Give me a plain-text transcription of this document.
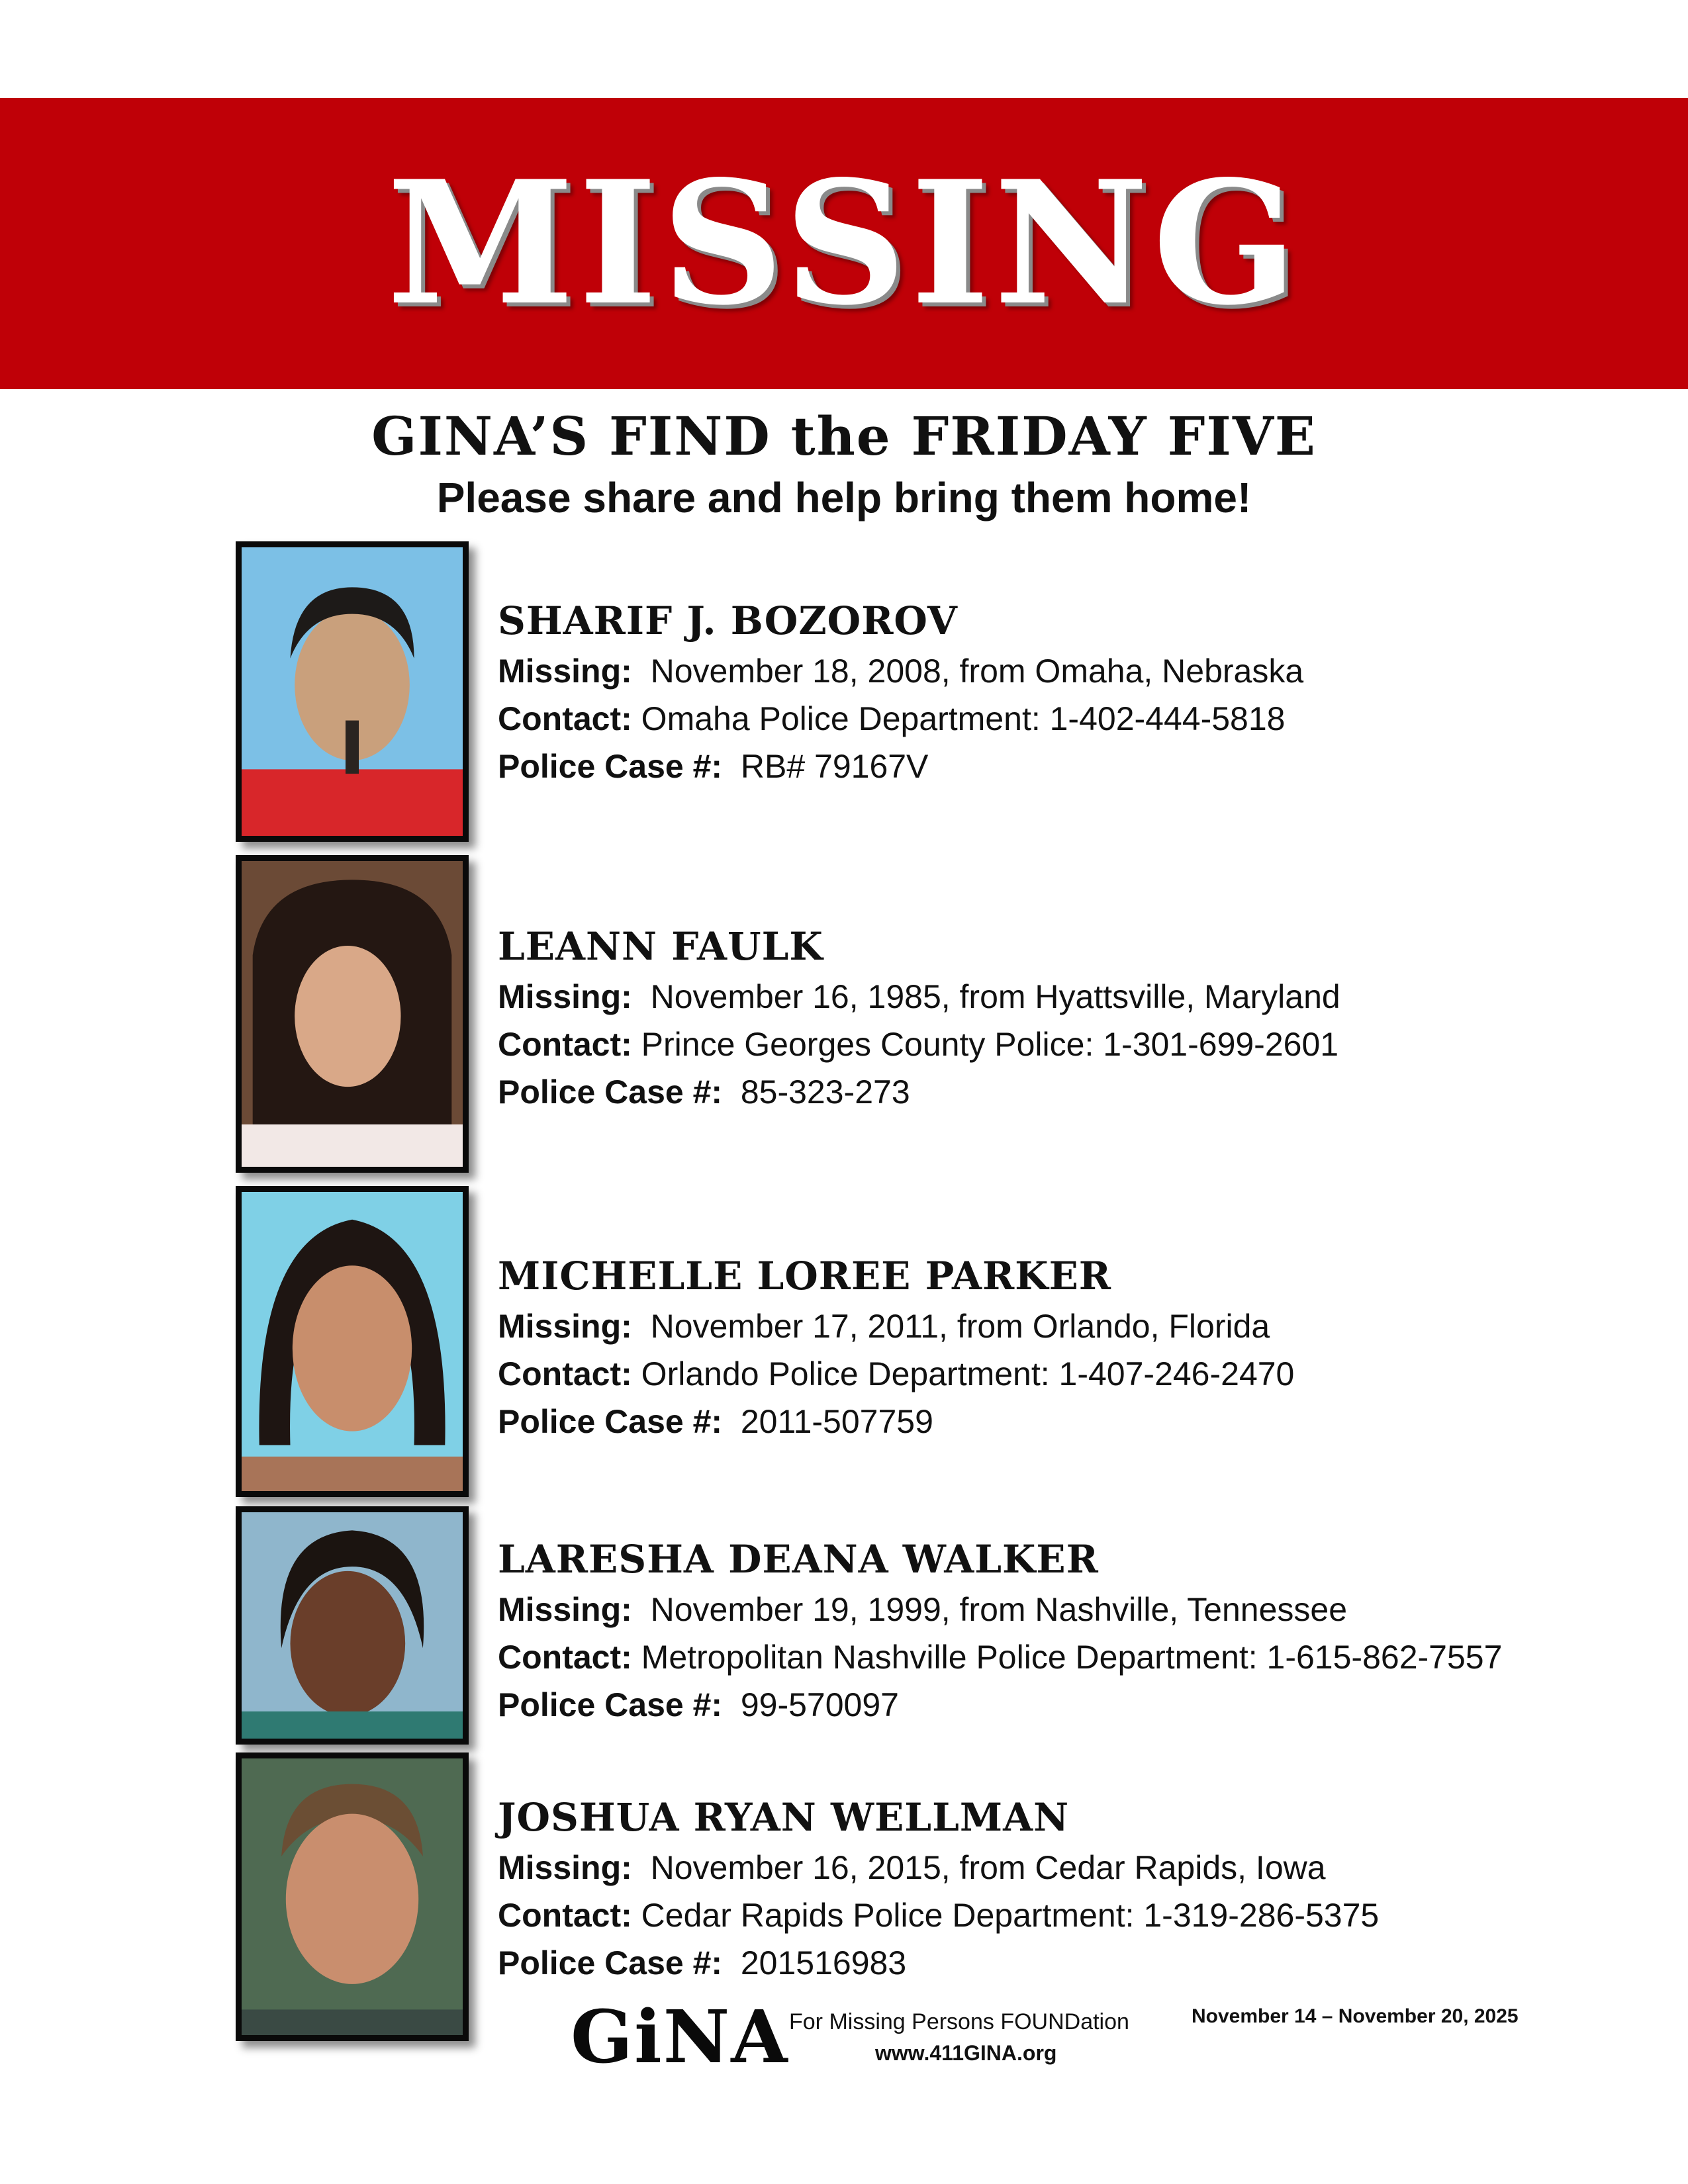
MISSING
GINA’S FIND the FRIDAY FIVE
Please share and help bring them home!
SHARIF J. BOZOROV
Missing: November 18, 2008, from Omaha, Nebraska
Contact: Omaha Police Department: 1-402-444-5818
Police Case #: RB# 79167V
LEANN FAULK
Missing: November 16, 1985, from Hyattsville, Maryland
Contact: Prince Georges County Police: 1-301-699-2601
Police Case #: 85-323-273
MICHELLE LOREE PARKER
Missing: November 17, 2011, from Orlando, Florida
Contact: Orlando Police Department: 1-407-246-2470
Police Case #: 2011-507759
LARESHA DEANA WALKER
Missing: November 19, 1999, from Nashville, Tennessee
Contact: Metropolitan Nashville Police Department: 1-615-862-7557
Police Case #: 99-570097
JOSHUA RYAN WELLMAN
Missing: November 16, 2015, from Cedar Rapids, Iowa
Contact: Cedar Rapids Police Department: 1-319-286-5375
Police Case #: 201516983
GiNA For Missing Persons FOUNDation
www.411GINA.org
November 14 – November 20, 2025
